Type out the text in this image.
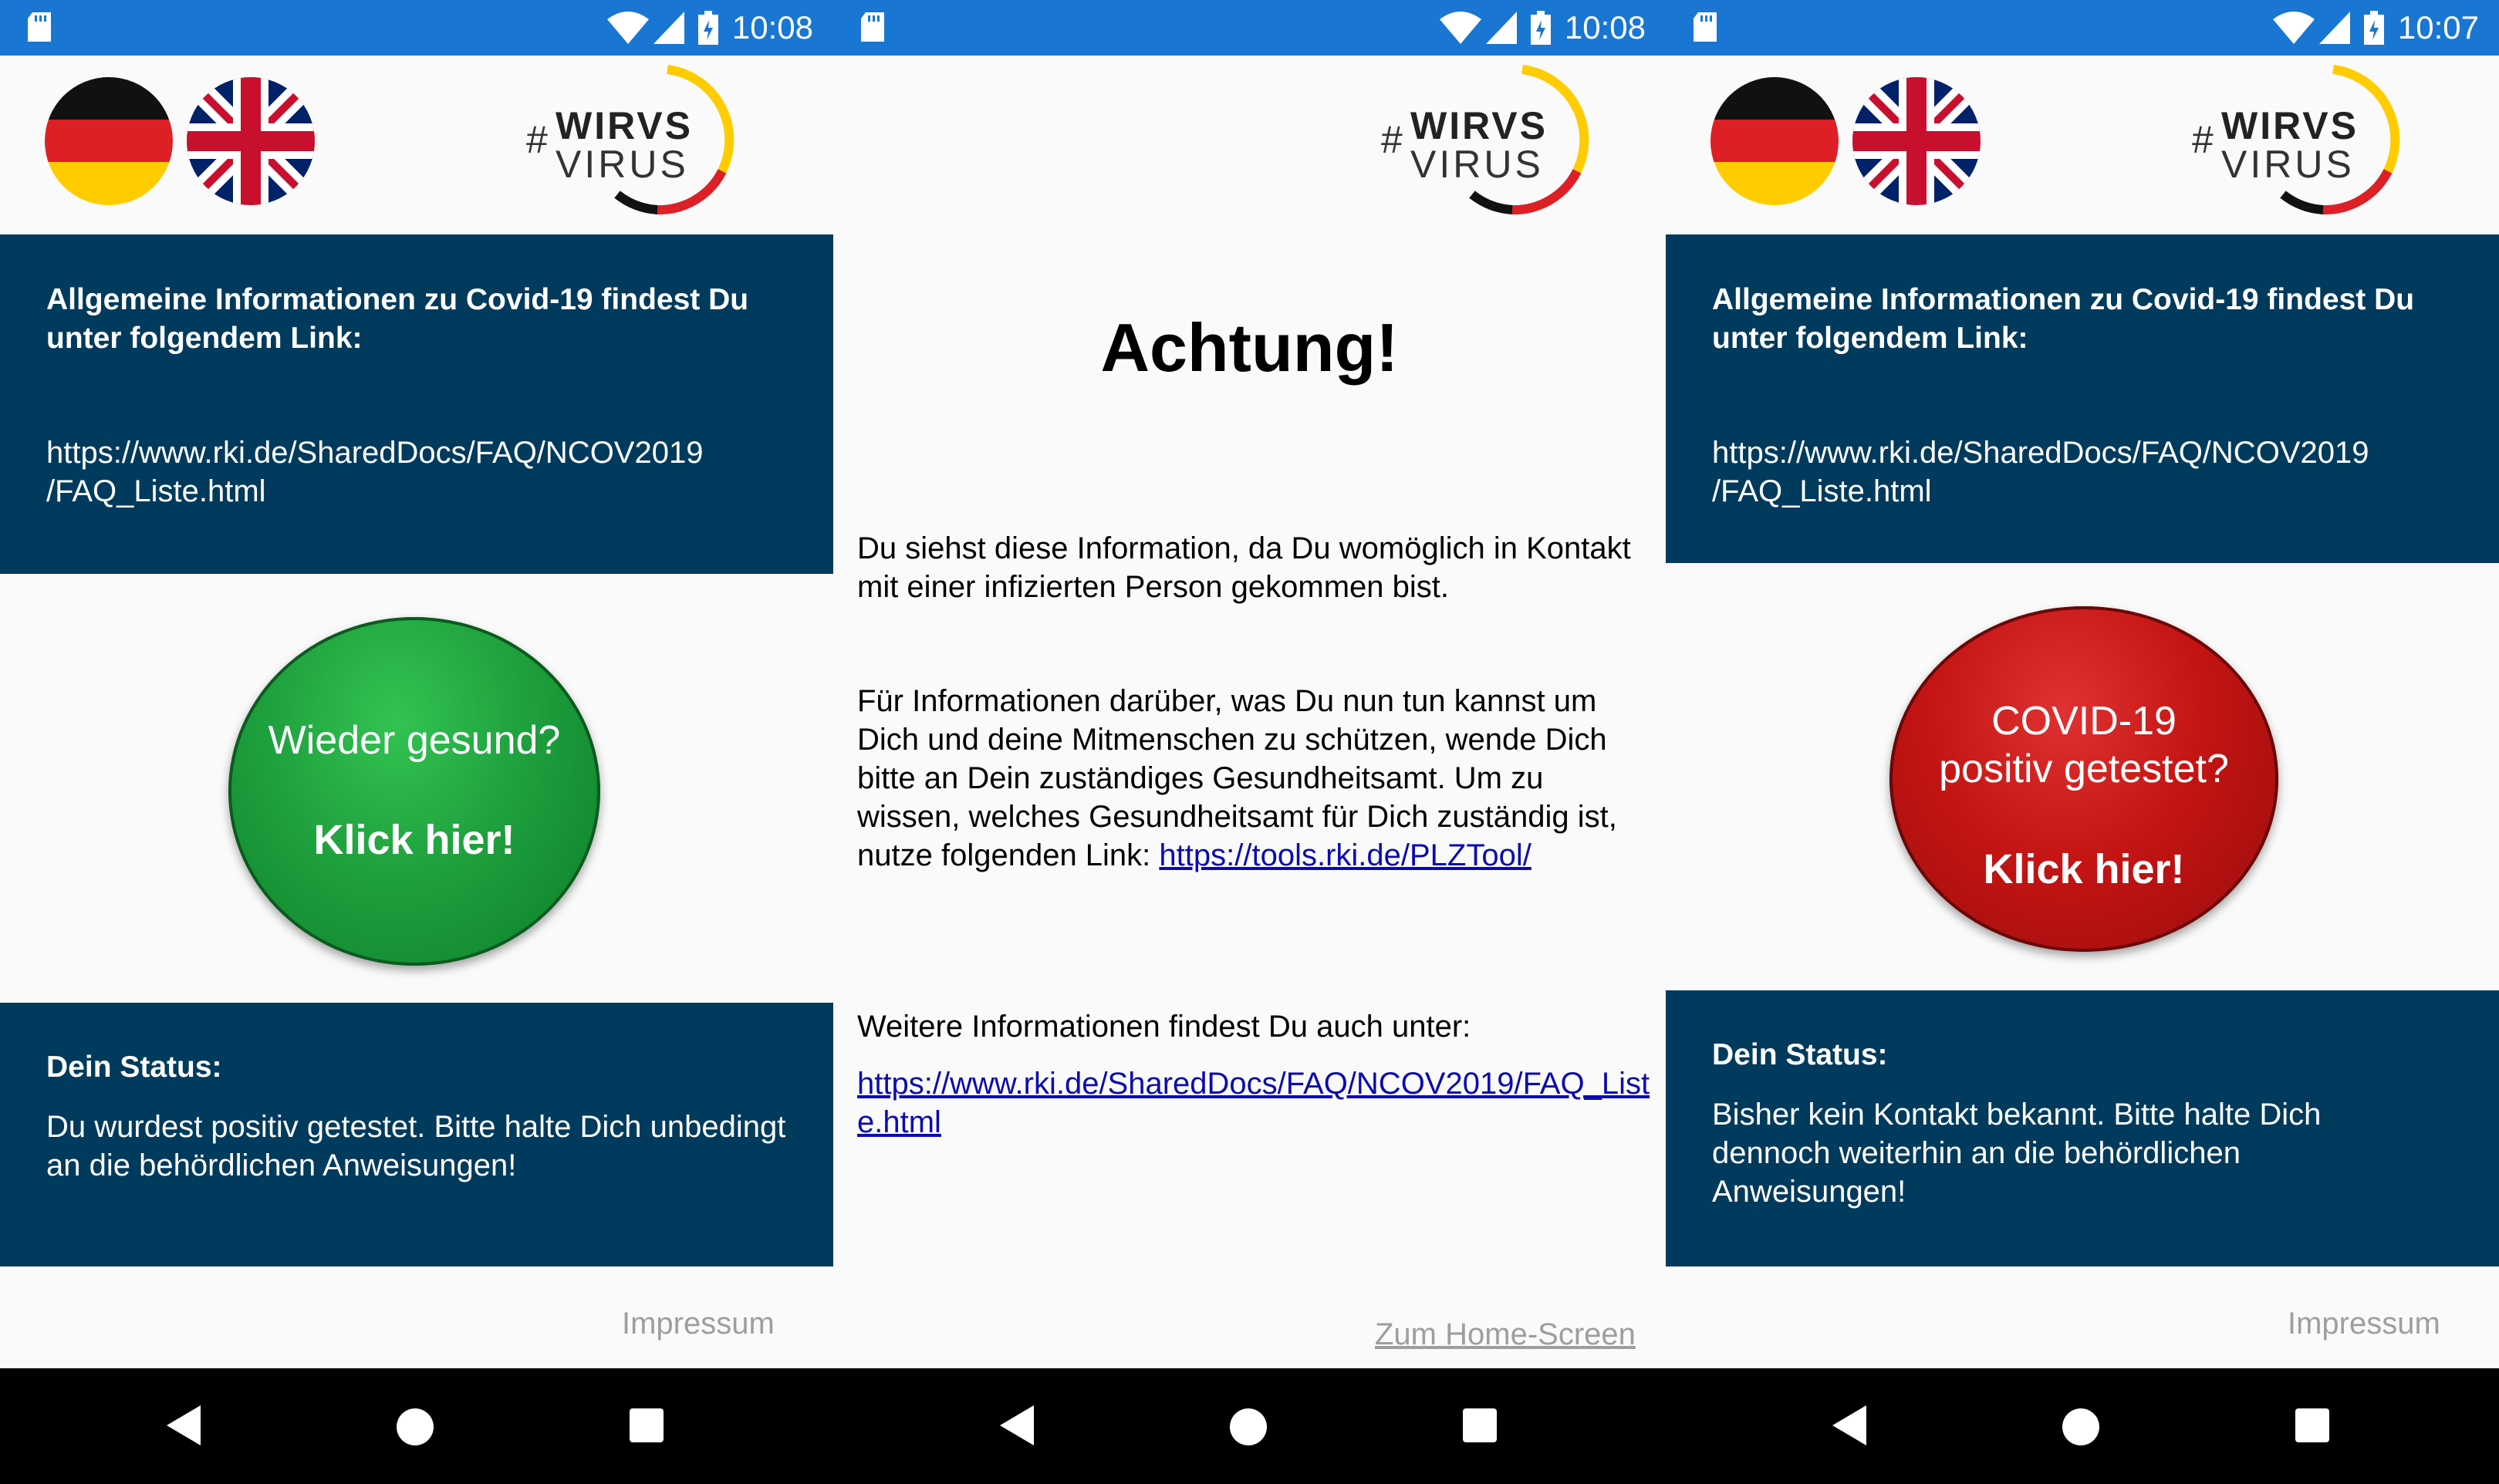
10:08
# WIRVS
VIRUS
Allgemeine Informationen zu Covid-19 findest Du unter folgendem Link:
https://www.rki.de/SharedDocs/FAQ/NCOV2019 /FAQ_Liste.html
Wieder gesund?
Klick hier!
Dein Status:
Du wurdest positiv getestet. Bitte halte Dich unbedingt an die behördlichen Anweisungen!
Impressum
10:08
# WIRVS
VIRUS
Achtung!
Du siehst diese Information, da Du womöglich in Kontakt mit einer infizierten Person gekommen bist.
Für Informationen darüber, was Du nun tun kannst um Dich und deine Mitmenschen zu schützen, wende Dich bitte an Dein zuständiges Gesundheitsamt. Um zu wissen, welches Gesundheitsamt für Dich zuständig ist, nutze folgenden Link: https://tools.rki.de/PLZTool/
Weitere Informationen findest Du auch unter:
https://www.rki.de/SharedDocs/FAQ/NCOV2019/FAQ_Liste.html
Zum Home-Screen
10:07
# WIRVS
VIRUS
Allgemeine Informationen zu Covid-19 findest Du unter folgendem Link:
https://www.rki.de/SharedDocs/FAQ/NCOV2019 /FAQ_Liste.html
COVID-19 positiv getestet?
Klick hier!
Dein Status:
Bisher kein Kontakt bekannt. Bitte halte Dich dennoch weiterhin an die behördlichen Anweisungen!
Impressum
